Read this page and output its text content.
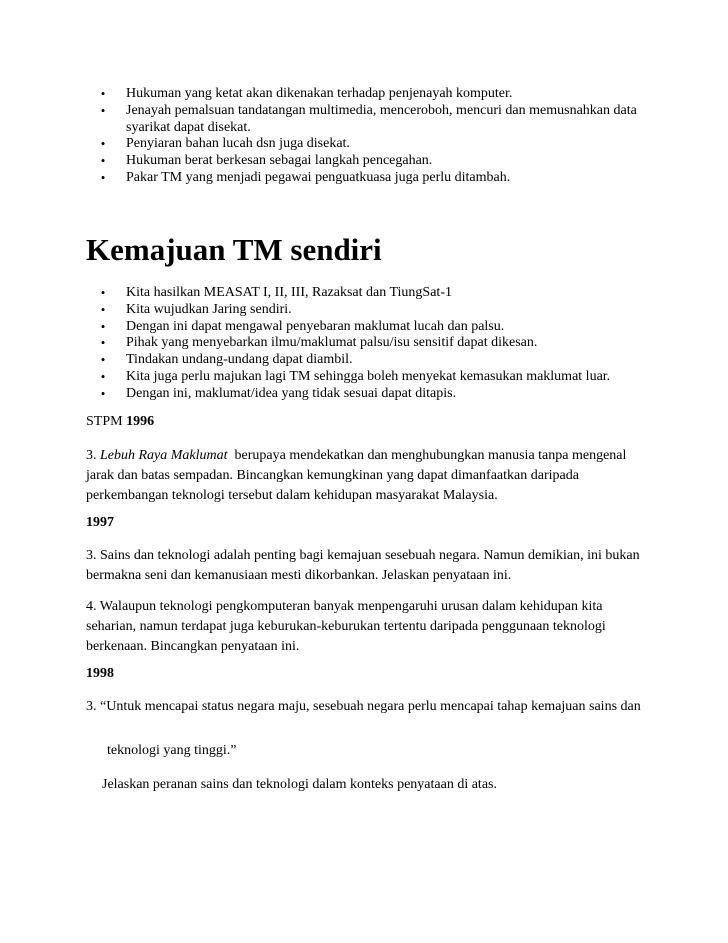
• Hukuman yang ketat akan dikenakan terhadap penjenayah komputer.
• Jenayah pemalsuan tandatangan multimedia, menceroboh, mencuri dan memusnahkan data syarikat dapat disekat.
• Penyiaran bahan lucah dsn juga disekat.
• Hukuman berat berkesan sebagai langkah pencegahan.
• Pakar TM yang menjadi pegawai penguatkuasa juga perlu ditambah.
Kemajuan TM sendiri
• Kita hasilkan MEASAT I, II, III, Razaksat dan TiungSat-1
• Kita wujudkan Jaring sendiri.
• Dengan ini dapat mengawal penyebaran maklumat lucah dan palsu.
• Pihak yang menyebarkan ilmu/maklumat palsu/isu sensitif dapat dikesan.
• Tindakan undang-undang dapat diambil.
• Kita juga perlu majukan lagi TM sehingga boleh menyekat kemasukan maklumat luar.
• Dengan ini, maklumat/idea yang tidak sesuai dapat ditapis.

STPM 1996

3. Lebuh Raya Maklumat  berupaya mendekatkan dan menghubungkan manusia tanpa mengenal jarak dan batas sempadan. Bincangkan kemungkinan yang dapat dimanfaatkan daripada perkembangan teknologi tersebut dalam kehidupan masyarakat Malaysia.

1997

3. Sains dan teknologi adalah penting bagi kemajuan sesebuah negara. Namun demikian, ini bukan bermakna seni dan kemanusiaan mesti dikorbankan. Jelaskan penyataan ini.

4. Walaupun teknologi pengkomputeran banyak menpengaruhi urusan dalam kehidupan kita seharian, namun terdapat juga keburukan-keburukan tertentu daripada penggunaan teknologi berkenaan. Bincangkan penyataan ini.

1998

3. “Untuk mencapai status negara maju, sesebuah negara perlu mencapai tahap kemajuan sains dan

teknologi yang tinggi.”

Jelaskan peranan sains dan teknologi dalam konteks penyataan di atas.
